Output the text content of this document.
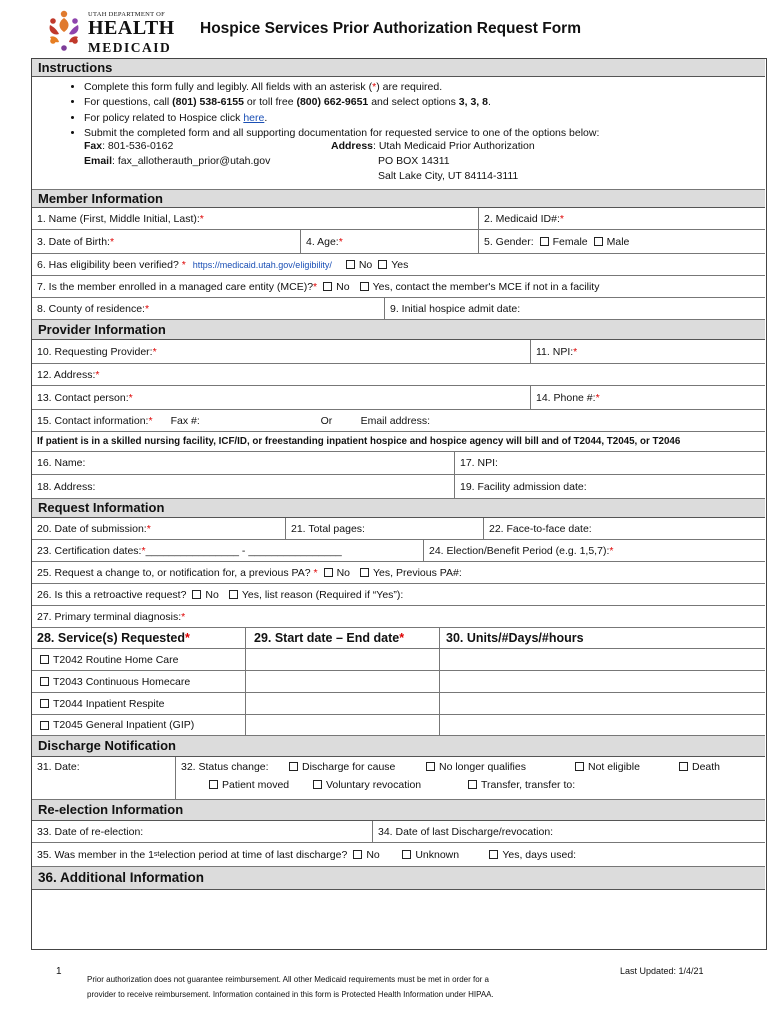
UTAH DEPARTMENT OF
HEALTH
MEDICAID
Hospice Services Prior Authorization Request Form
Instructions
• Complete this form fully and legibly. All fields with an asterisk (*) are required.
• For questions, call (801) 538-6155 or toll free (800) 662-9651 and select options 3, 3, 8.
• For policy related to Hospice click here.
• Submit the completed form and all supporting documentation for requested service to one of the options below:
Fax: 801-536-0162
Email: fax_allotherauth_prior@utah.gov
Address: Utah Medicaid Prior Authorization
PO BOX 14311
Salt Lake City, UT 84114-3111
Member Information
1. Name (First, Middle Initial, Last): *	2. Medicaid ID#: *
3. Date of Birth: *	4. Age: *	5. Gender: Female Male
6. Has eligibility been verified? * https://medicaid.utah.gov/eligibility/	No Yes
7. Is the member enrolled in a managed care entity (MCE)? * No Yes, contact the member's MCE if not in a facility
8. County of residence: *	9. Initial hospice admit date:
Provider Information
10. Requesting Provider: *	11. NPI: *
12. Address: *
13. Contact person: *	14. Phone #: *
15. Contact information: * Fax #:	Or	Email address:
If patient is in a skilled nursing facility, ICF/ID, or freestanding inpatient hospice and hospice agency will bill and of T2044, T2045, or T2046
16. Name:	17. NPI:
18. Address:	19. Facility admission date:
Request Information
20. Date of submission: *	21. Total pages:	22. Face-to-face date:
23. Certification dates: * ________________ - ________________	24. Election/Benefit Period (e.g. 1,5,7): *
25. Request a change to, or notification for, a previous PA? * No Yes, Previous PA#:
26. Is this a retroactive request? No Yes, list reason (Required if “Yes”):
27. Primary terminal diagnosis: *
28.
Service(s) Requested *	29. Start date – End date *	30. Units/#Days/#hours
T2042 Routine Home Care
T2043 Continuous Homecare
T2044 Inpatient Respite
T2045 General Inpatient (GIP)
Discharge Notification
31. Date:	32. Status change:	Discharge for cause	No longer qualifies	Not eligible	Death
Patient moved	Voluntary revocation	Transfer, transfer to:
Re-election Information
33. Date of re-election:	34. Date of last Discharge/revocation:
35. Was member in the 1 st election period at time of last discharge? No	Unknown	Yes, days used:
36. Additional Information
1
Prior authorization does not guarantee reimbursement. All other Medicaid requirements must be met in order for a
provider to receive reimbursement. Information contained in this form is Protected Health Information under HIPAA.
Last Updated: 1/4/21
